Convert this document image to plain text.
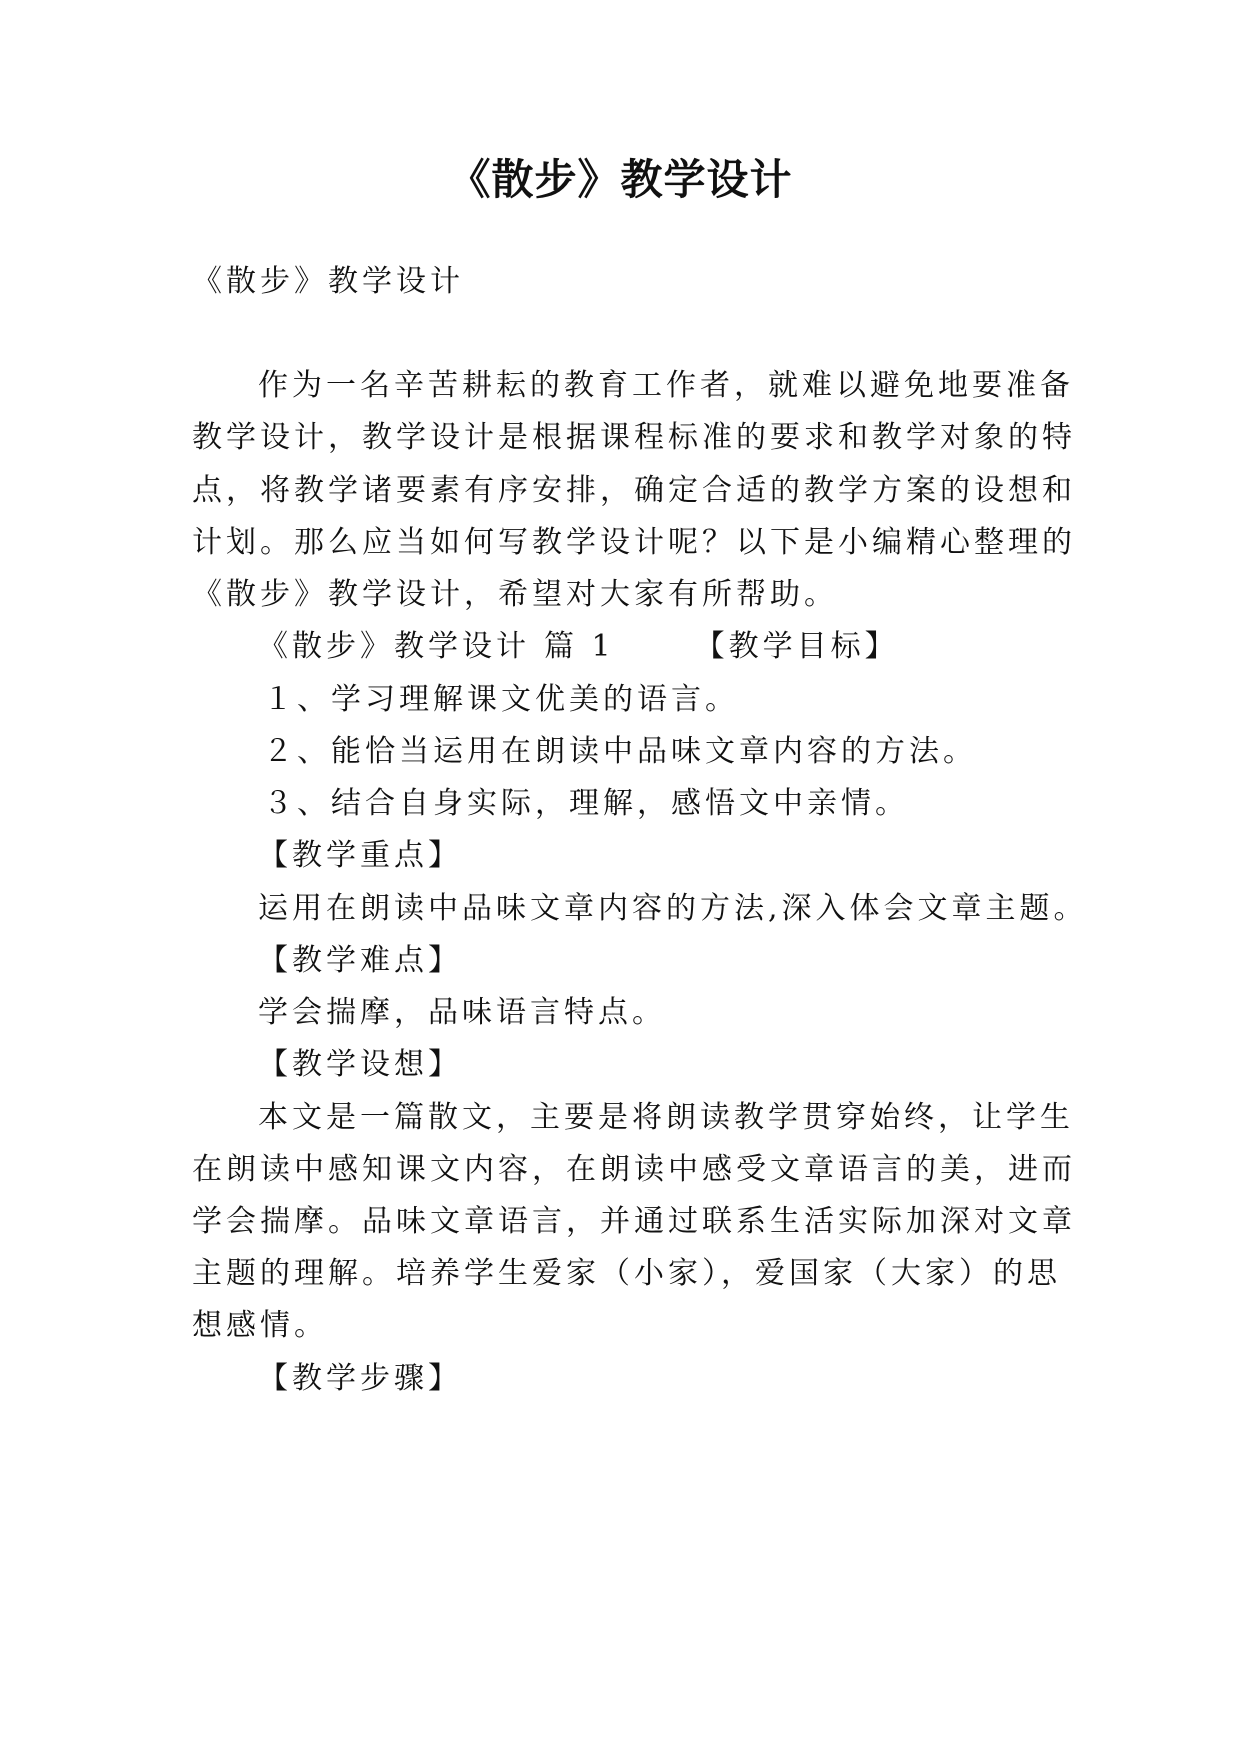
《散步》教学设计
《散步》教学设计
作为一名辛苦耕耘的教育工作者，就难以避免地要准备
教学设计，教学设计是根据课程标准的要求和教学对象的特
点，将教学诸要素有序安排，确定合适的教学方案的设想和
计划。那么应当如何写教学设计呢？以下是小编精心整理的
《散步》教学设计，希望对大家有所帮助。
《散步》教学设计 篇 1	【教学目标】
１、学习理解课文优美的语言。
２、能恰当运用在朗读中品味文章内容的方法。
３、结合自身实际，理解，感悟文中亲情。
【教学重点】
运用在朗读中品味文章内容的方法,深入体会文章主题。
【教学难点】
学会揣摩，品味语言特点。
【教学设想】
本文是一篇散文，主要是将朗读教学贯穿始终，让学生
在朗读中感知课文内容，在朗读中感受文章语言的美，进而
学会揣摩。品味文章语言，并通过联系生活实际加深对文章
主题的理解。培养学生爱家（小家），爱国家（大家）的思
想感情。
【教学步骤】
